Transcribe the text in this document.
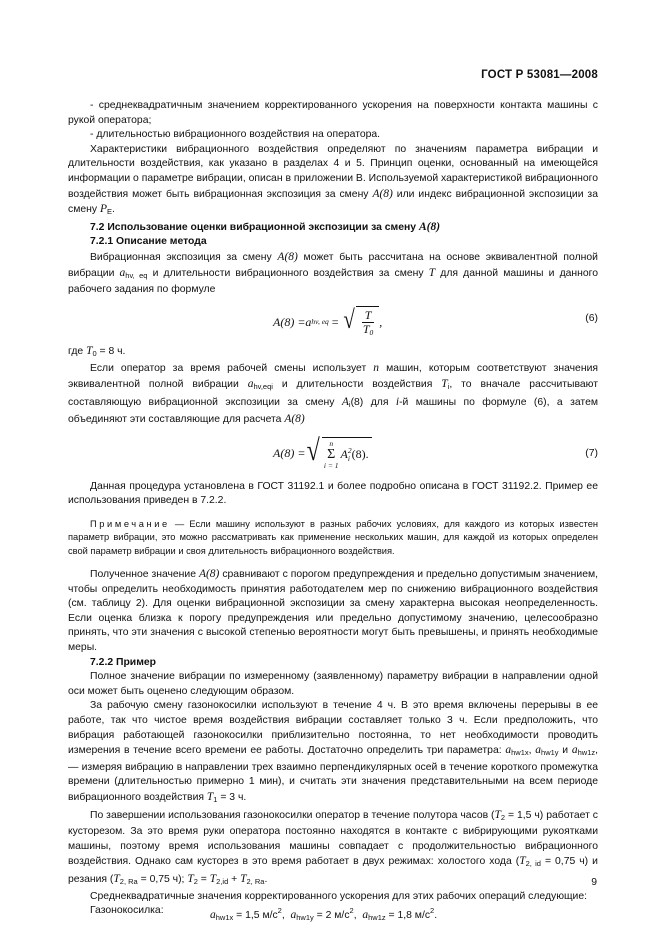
ГОСТ Р 53081—2008

- среднеквадратичным значением корректированного ускорения на поверхности контакта машины с рукой оператора;

- длительностью вибрационного воздействия на оператора.

Характеристики вибрационного воздействия определяют по значениям параметра вибрации и длительности воздействия, как указано в разделах 4 и 5. Принцип оценки, основанный на имеющейся информации о параметре вибрации, описан в приложении В. Используемой характеристикой вибрационного воздействия может быть вибрационная экспозиция за смену A(8) или индекс вибрационной экспозиции за смену $P_E$.

7.2 Использование оценки вибрационной экспозиции за смену A(8)

7.2.1 Описание метода

Вибрационная экспозиция за смену A(8) может быть рассчитана на основе эквивалентной полной вибрации $a_{hv, eq}$ и длительности вибрационного воздействия за смену T для данной машины и данного рабочего задания по формуле

A(8) = a hv, eq = √ $\frac{T}{T_0}$ ,	(6)

где $T_0 = 8$ ч.

Если оператор за время рабочей смены использует n машин, которым соответствуют значения эквивалентной полной вибрации $a_{hv,eqi}$ и длительности воздействия $T_i$, то вначале рассчитывают составляющую вибрационной экспозиции за смену $A_i(8)$ для i-й машины по формуле (6), а затем объединяют эти составляющие для расчета A(8)

A(8) = √ n
Σ
i = 1
A 2
i (8).	(7)

Данная процедура установлена в ГОСТ 31192.1 и более подробно описана в ГОСТ 31192.2. Пример ее использования приведен в 7.2.2.

Примечание — Если машину используют в разных рабочих условиях, для каждого из которых известен параметр вибрации, это можно рассматривать как применение нескольких машин, для каждой из которых определен свой параметр вибрации и своя длительность вибрационного воздействия.

Полученное значение A(8) сравнивают с порогом предупреждения и предельно допустимым значением, чтобы определить необходимость принятия работодателем мер по снижению вибрационного воздействия (см. таблицу 2). Для оценки вибрационной экспозиции за смену характерна высокая неопределенность. Если оценка близка к порогу предупреждения или предельно допустимому значению, целесообразно принять, что эти значения с высокой степенью вероятности могут быть превышены, и принять необходимые меры.

7.2.2 Пример

Полное значение вибрации по измеренному (заявленному) параметру вибрации в направлении одной оси может быть оценено следующим образом.

За рабочую смену газонокосилки используют в течение 4 ч. В это время включены перерывы в ее работе, так что чистое время воздействия вибрации составляет только 3 ч. Если предположить, что вибрация работающей газонокосилки приблизительно постоянна, то нет необходимости проводить измерения в течение всего времени ее работы. Достаточно определить три параметра: $a_{hw1x}$, $a_{hw1y}$ и $a_{hw1z}$, — измеряя вибрацию в направлении трех взаимно перпендикулярных осей в течение короткого промежутка времени (длительностью примерно 1 мин), и считать эти значения представительными на всем периоде вибрационного воздействия $T_1 = 3$ ч.

По завершении использования газонокосилки оператор в течение полутора часов ($T_2 = 1,5$ ч) работает с кусторезом. За это время руки оператора постоянно находятся в контакте с вибрирующими рукоятками машины, поэтому время использования машины совпадает с продолжительностью вибрационного воздействия. Однако сам кусторез в это время работает в двух режимах: холостого хода ($T_{2, id} = 0,75$ ч) и резания ($T_{2, Ra} = 0,75$ ч); $T_2 = T_{2,id} + T_{2, Ra}$.

Среднеквадратичные значения корректированного ускорения для этих рабочих операций следующие:

Газонокосилка:	$a_{hw1x} = 1,5$ $м/с^2$,  $a_{hw1y} = 2$ $м/с^2$,  $a_{hw1z} = 1,8$ $м/с^2$.
9
